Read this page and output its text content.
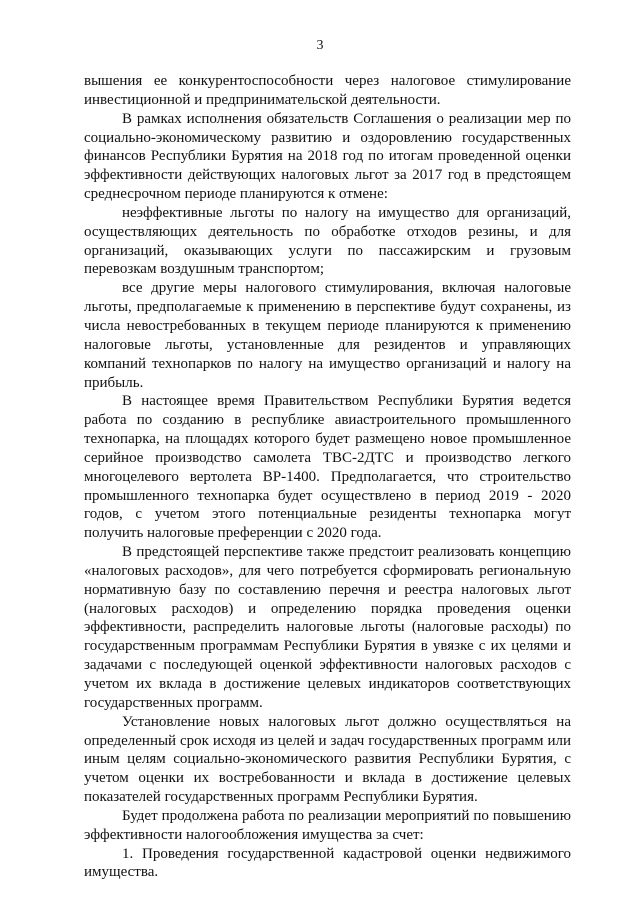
3

вышения ее конкурентоспособности через налоговое стимулирование инвестиционной и предпринимательской деятельности.

В рамках исполнения обязательств Соглашения о реализации мер по социально-экономическому развитию и оздоровлению государственных финансов Республики Бурятия на 2018 год по итогам проведенной оценки эффективности действующих налоговых льгот за 2017 год в предстоящем среднесрочном периоде планируются к отмене:

неэффективные льготы по налогу на имущество для организаций, осуществляющих деятельность по обработке отходов резины, и для организаций, оказывающих услуги по пассажирским и грузовым перевозкам воздушным транспортом;

все другие меры налогового стимулирования, включая налоговые льготы, предполагаемые к применению в перспективе будут сохранены, из числа невостребованных в текущем периоде планируются к применению налоговые льготы, установленные для резидентов и управляющих компаний технопарков по налогу на имущество организаций и налогу на прибыль.

В настоящее время Правительством Республики Бурятия ведется работа по созданию в республике авиастроительного промышленного технопарка, на площадях которого будет размещено новое промышленное серийное производство самолета ТВС-2ДТС и производство легкого многоцелевого вертолета ВР-1400. Предполагается, что строительство промышленного технопарка будет осуществлено в период 2019 - 2020 годов, с учетом этого потенциальные резиденты технопарка могут получить налоговые преференции с 2020 года.

В предстоящей перспективе также предстоит реализовать концепцию «налоговых расходов», для чего потребуется сформировать региональную нормативную базу по составлению перечня и реестра налоговых льгот (налоговых расходов) и определению порядка проведения оценки эффективности, распределить налоговые льготы (налоговые расходы) по государственным программам Республики Бурятия в увязке с их целями и задачами с последующей оценкой эффективности налоговых расходов с учетом их вклада в достижение целевых индикаторов соответствующих государственных программ.

Установление новых налоговых льгот должно осуществляться на определенный срок исходя из целей и задач государственных программ или иным целям социально-экономического развития Республики Бурятия, с учетом оценки их востребованности и вклада в достижение целевых показателей государственных программ Республики Бурятия.

Будет продолжена работа по реализации мероприятий по повышению эффективности налогообложения имущества за счет:

1. Проведения государственной кадастровой оценки недвижимого имущества.
